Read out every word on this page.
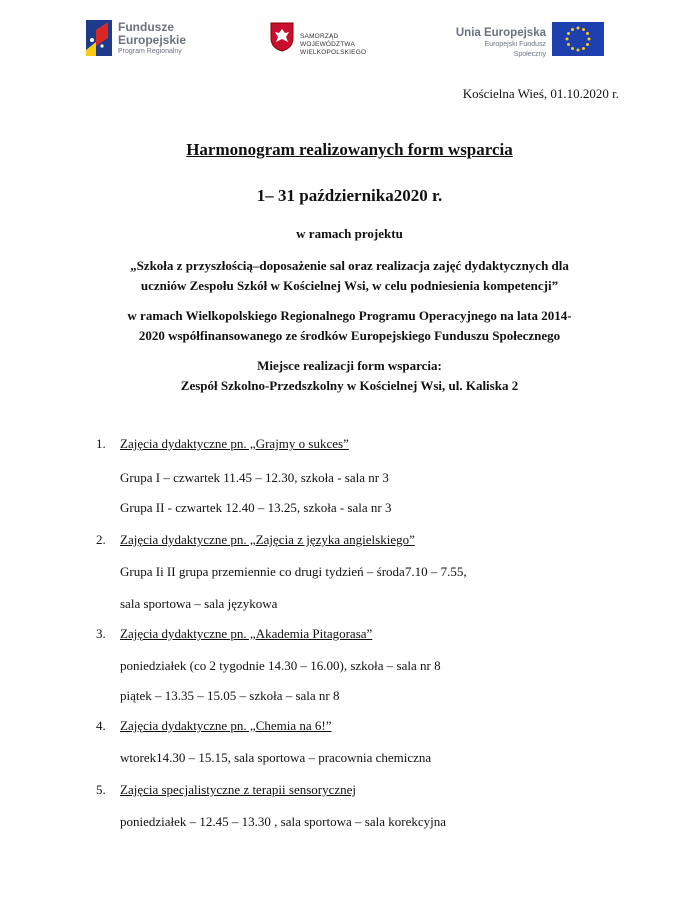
Fundusze
Europejskie
Program Regionalny
SAMORZĄD WOJEWÓDZTWA
WIELKOPOLSKIEGO
Unia Europejska
Europejski Fundusz Społeczny
Kościelna Wieś, 01.10.2020 r.
Harmonogram realizowanych form wsparcia
1– 31 października2020 r.
w ramach projektu
„Szkoła z przyszłością–doposażenie sal oraz realizacja zajęć dydaktycznych dla
uczniów Zespołu Szkół w Kościelnej Wsi, w celu podniesienia kompetencji”
w ramach Wielkopolskiego Regionalnego Programu Operacyjnego na lata 2014-
2020 współfinansowanego ze środków Europejskiego Funduszu Społecznego
Miejsce realizacji form wsparcia:
Zespół Szkolno-Przedszkolny w Kościelnej Wsi, ul. Kaliska 2
1. Zajęcia dydaktyczne pn. „Grajmy o sukces”
Grupa I – czwartek 11.45 – 12.30, szkoła - sala nr 3
Grupa II - czwartek 12.40 – 13.25, szkoła - sala nr 3
2. Zajęcia dydaktyczne pn. „Zajęcia z języka angielskiego”
Grupa Ii II grupa przemiennie co drugi tydzień – środa7.10 – 7.55,
sala sportowa – sala językowa
3. Zajęcia dydaktyczne pn. „Akademia Pitagorasa”
poniedziałek (co 2 tygodnie 14.30 – 16.00), szkoła – sala nr 8
piątek – 13.35 – 15.05 – szkoła – sala nr 8
4. Zajęcia dydaktyczne pn. „Chemia na 6!”
wtorek14.30 – 15.15, sala sportowa – pracownia chemiczna
5. Zajęcia specjalistyczne z terapii sensorycznej
poniedziałek – 12.45 – 13.30 , sala sportowa – sala korekcyjna
